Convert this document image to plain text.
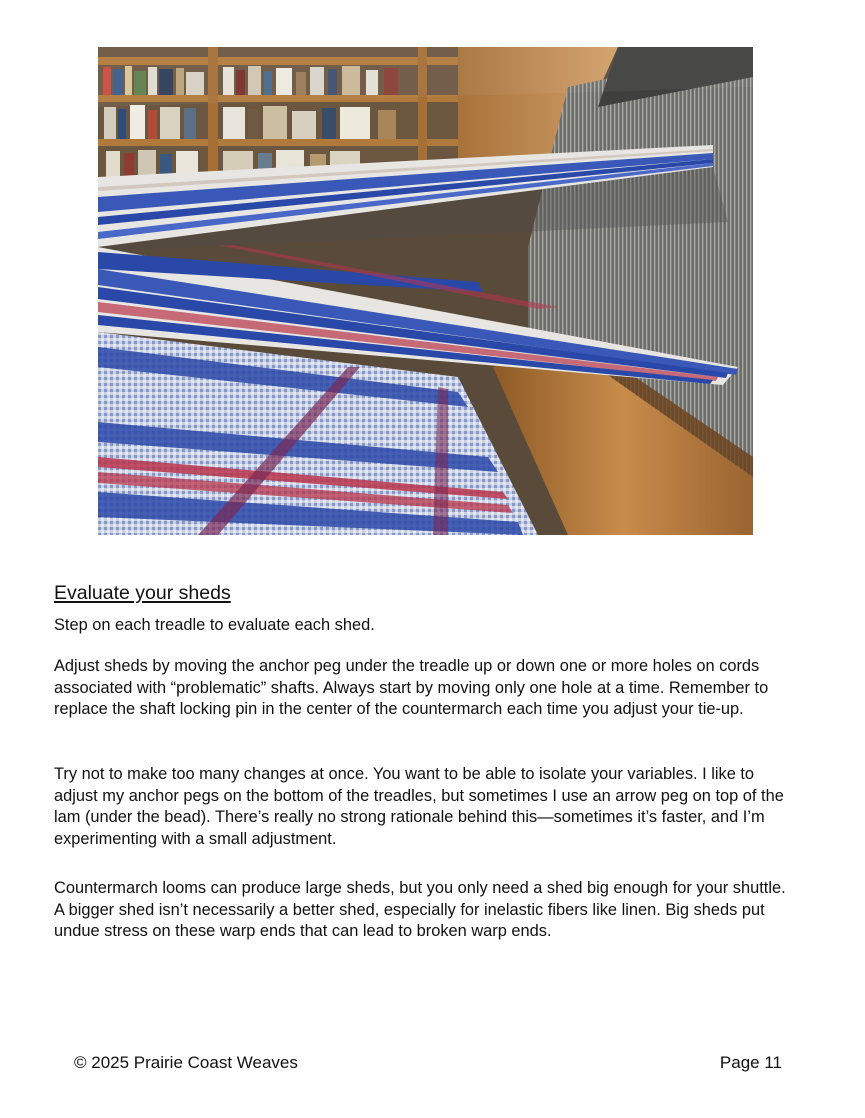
Evaluate your sheds

Step on each treadle to evaluate each shed.

Adjust sheds by moving the anchor peg under the treadle up or down one or more holes on cords associated with “problematic” shafts. Always start by moving only one hole at a time. Remember to replace the shaft locking pin in the center of the countermarch each time you adjust your tie-up.

Try not to make too many changes at once. You want to be able to isolate your variables. I like to adjust my anchor pegs on the bottom of the treadles, but sometimes I use an arrow peg on top of the lam (under the bead). There’s really no strong rationale behind this—sometimes it’s faster, and I’m experimenting with a small adjustment.

Countermarch looms can produce large sheds, but you only need a shed big enough for your shuttle. A bigger shed isn’t necessarily a better shed, especially for inelastic fibers like linen. Big sheds put undue stress on these warp ends that can lead to broken warp ends.

© 2025 Prairie Coast Weaves	Page 11
